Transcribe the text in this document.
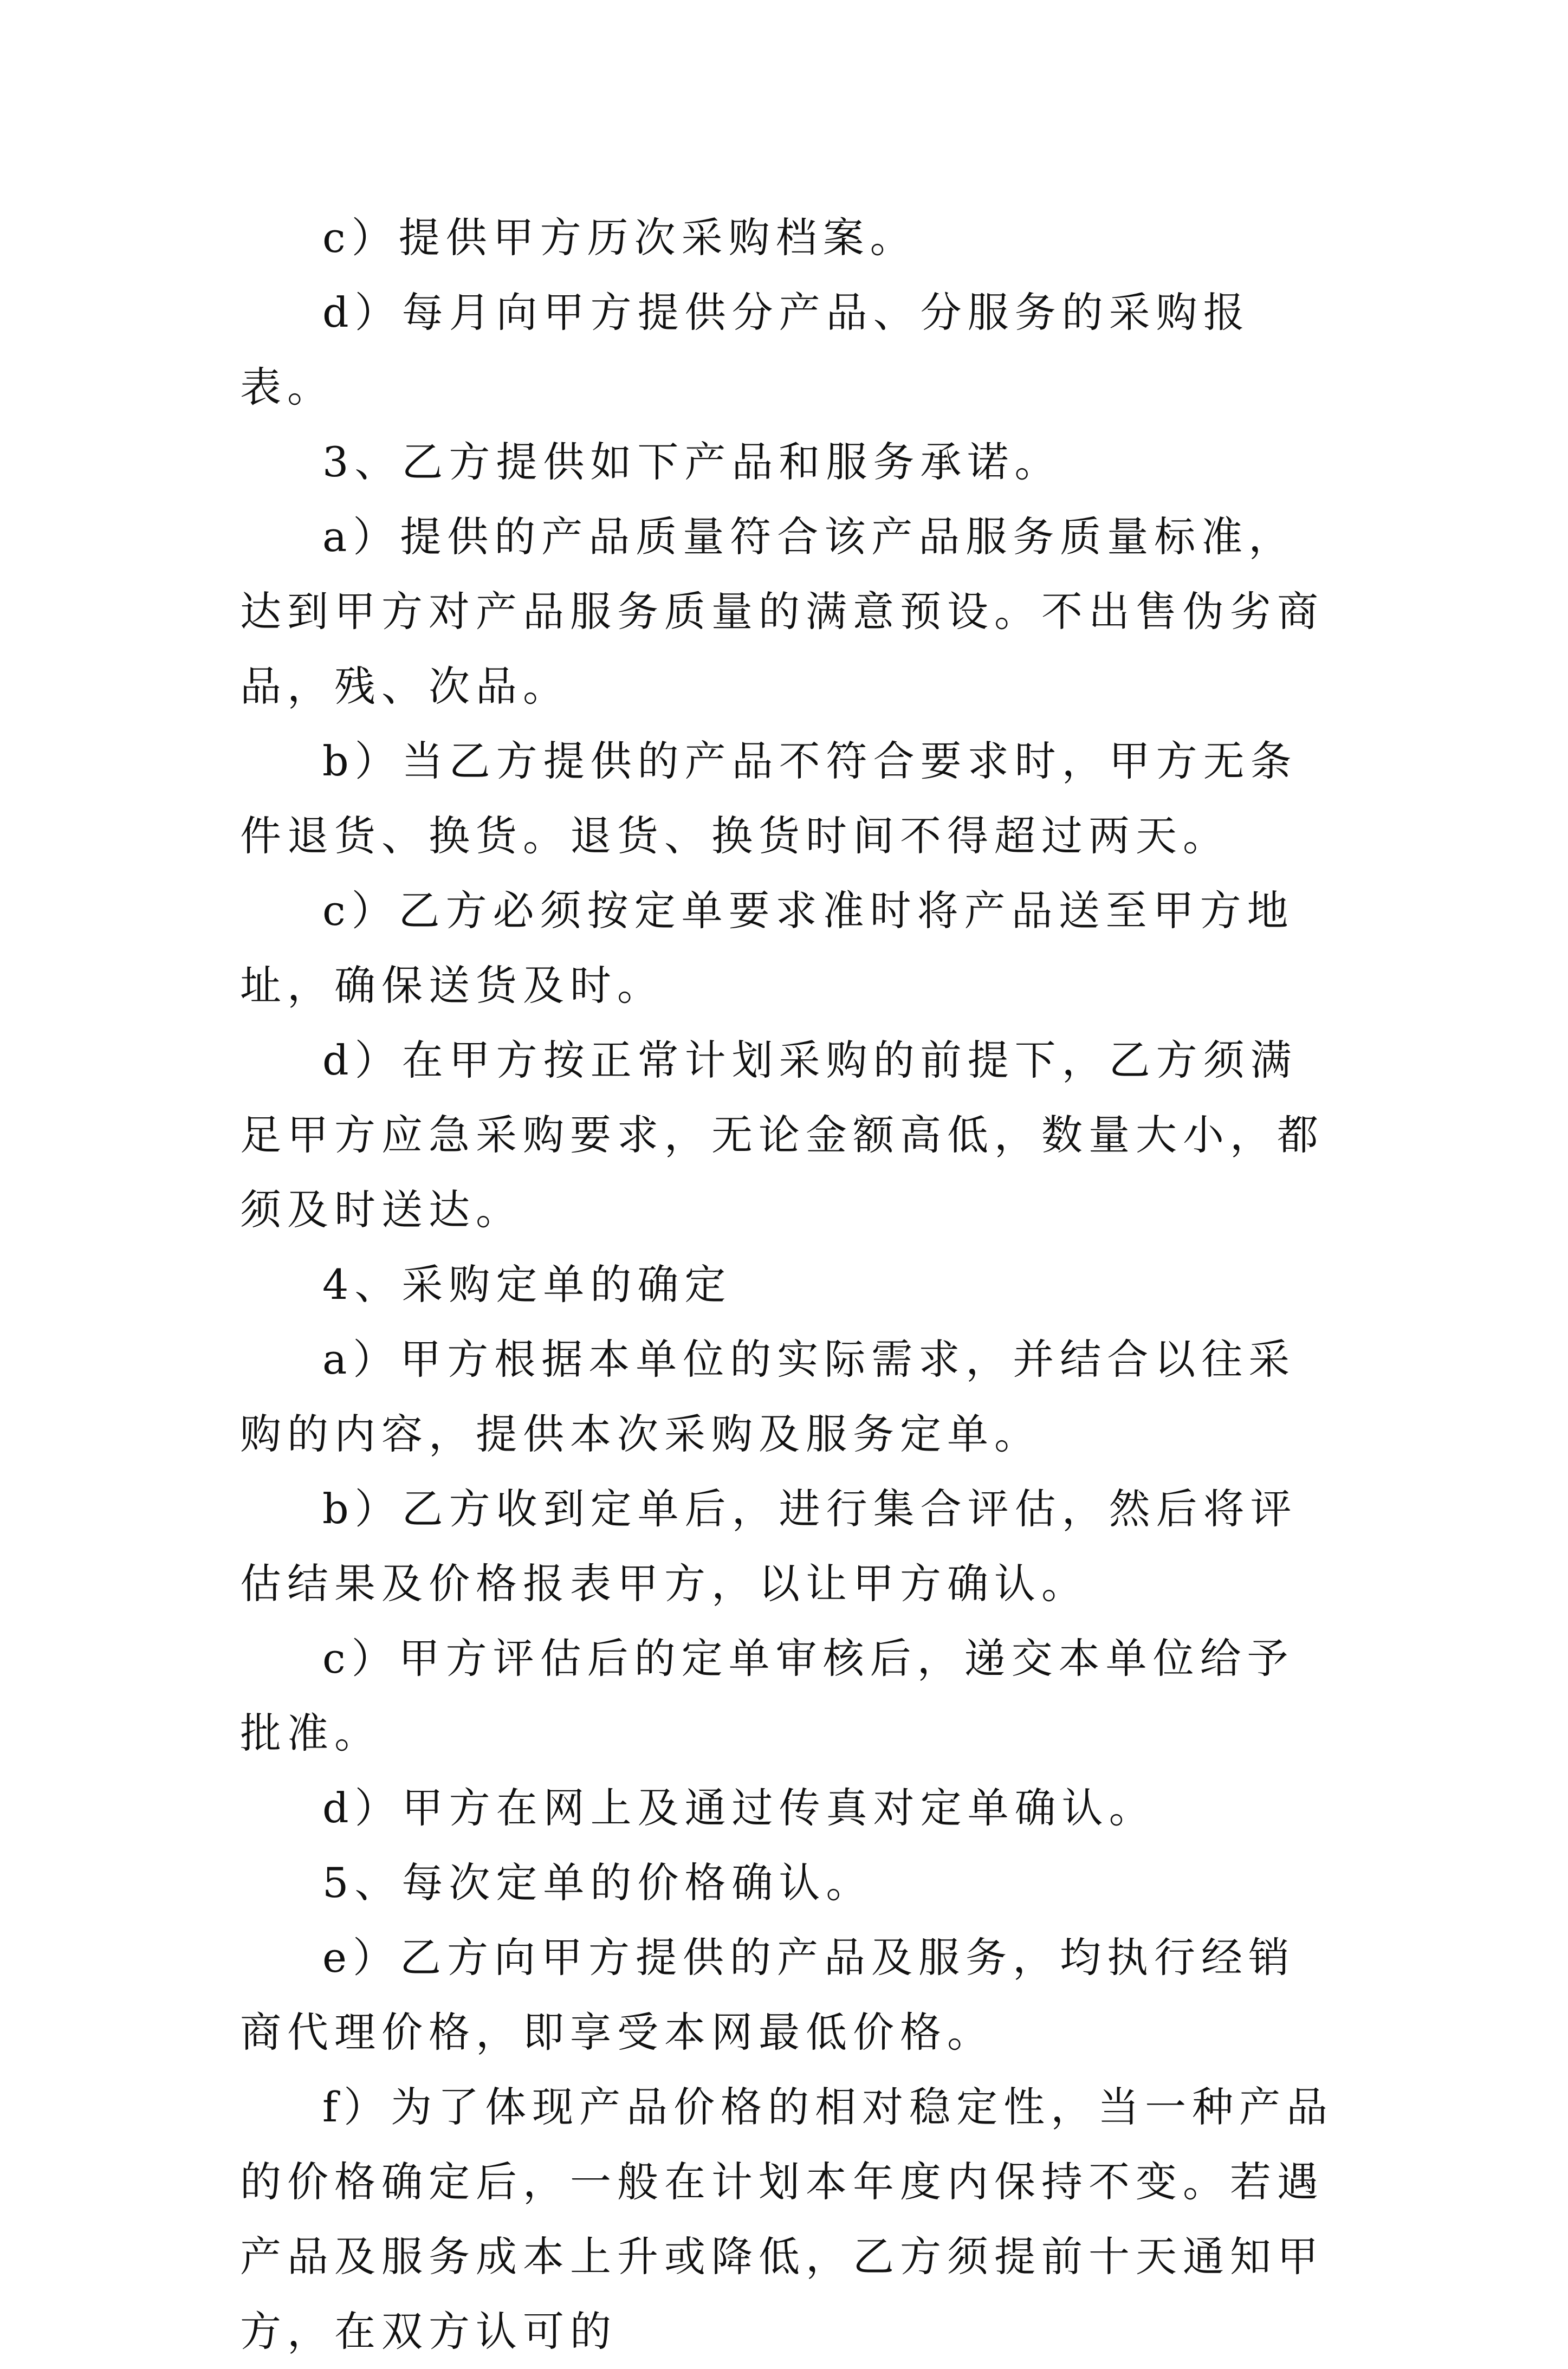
c）提供甲方历次采购档案。

d）每月向甲方提供分产品、分服务的采购报表。

3、乙方提供如下产品和服务承诺。

a）提供的产品质量符合该产品服务质量标准，达到甲方对产品服务质量的满意预设。不出售伪劣商品，残、次品。

b）当乙方提供的产品不符合要求时，甲方无条件退货、换货。退货、换货时间不得超过两天。

c）乙方必须按定单要求准时将产品送至甲方地址，确保送货及时。

d）在甲方按正常计划采购的前提下，乙方须满足甲方应急采购要求，无论金额高低，数量大小，都须及时送达。

4、采购定单的确定

a）甲方根据本单位的实际需求，并结合以往采购的内容，提供本次采购及服务定单。

b）乙方收到定单后，进行集合评估，然后将评估结果及价格报表甲方，以让甲方确认。

c）甲方评估后的定单审核后，递交本单位给予批准。

d）甲方在网上及通过传真对定单确认。

5、每次定单的价格确认。

e）乙方向甲方提供的产品及服务，均执行经销商代理价格，即享受本网最低价格。

f）为了体现产品价格的相对稳定性，当一种产品的价格确定后，一般在计划本年度内保持不变。若遇产品及服务成本上升或降低，乙方须提前十天通知甲方，在双方认可的
